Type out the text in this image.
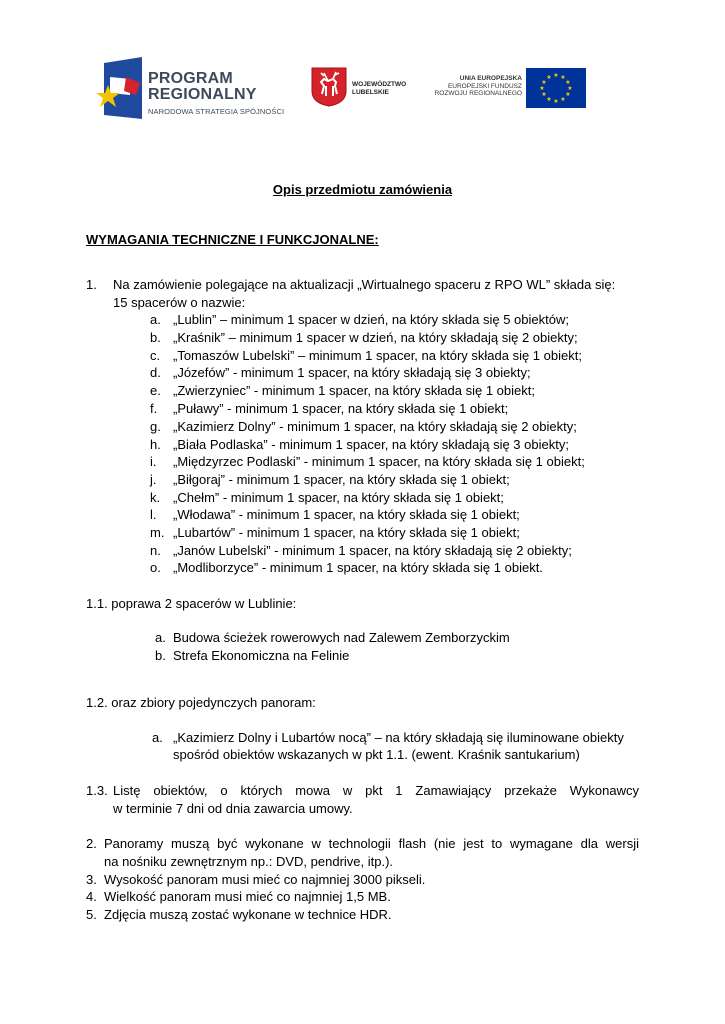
PROGRAM
REGIONALNY
NARODOWA STRATEGIA SPÓJNOŚCI
WOJEWÓDZTWO
LUBELSKIE
UNIA EUROPEJSKA
EUROPEJSKI FUNDUSZ
ROZWOJU REGIONALNEGO
★ ★
★
★
★
★
★
★
★
★
★
★
Opis przedmiotu zamówienia
WYMAGANIA TECHNICZNE I FUNKCJONALNE:
1. Na zamówienie polegające na aktualizacji „Wirtualnego spaceru z RPO WL” składa się:
15 spacerów o nazwie:
a. „Lublin” – minimum 1 spacer w dzień, na który składa się 5 obiektów;
b. „Kraśnik” – minimum 1 spacer w dzień, na który składają się 2 obiekty;
c. „Tomaszów Lubelski” – minimum 1 spacer, na który składa się 1 obiekt;
d. „Józefów” - minimum 1 spacer, na który składają się 3 obiekty;
e. „Zwierzyniec” - minimum 1 spacer, na który składa się 1 obiekt;
f. „Puławy” - minimum 1 spacer, na który składa się 1 obiekt;
g. „Kazimierz Dolny” - minimum 1 spacer, na który składają się 2 obiekty;
h. „Biała Podlaska” - minimum 1 spacer, na który składają się 3 obiekty;
i. „Międzyrzec Podlaski” - minimum 1 spacer, na który składa się 1 obiekt;
j. „Biłgoraj” - minimum 1 spacer, na który składa się 1 obiekt;
k. „Chełm” - minimum 1 spacer, na który składa się 1 obiekt;
l. „Włodawa” - minimum 1 spacer, na który składa się 1 obiekt;
m. „Lubartów” - minimum 1 spacer, na który składa się 1 obiekt;
n. „Janów Lubelski” - minimum 1 spacer, na który składają się 2 obiekty;
o. „Modliborzyce” - minimum 1 spacer, na który składa się 1 obiekt.
1.1. poprawa 2 spacerów w Lublinie:
a. Budowa ścieżek rowerowych nad Zalewem Zemborzyckim
b. Strefa Ekonomiczna na Felinie
1.2. oraz zbiory pojedynczych panoram:
a. „Kazimierz Dolny i Lubartów nocą” – na który składają się iluminowane obiekty
spośród obiektów wskazanych w pkt 1.1. (ewent. Kraśnik santukarium)
1.3. Listę obiektów, o których mowa w pkt 1 Zamawiający przekaże Wykonawcy
w terminie 7 dni od dnia zawarcia umowy.
2. Panoramy muszą być wykonane w technologii flash (nie jest to wymagane dla wersji
na nośniku zewnętrznym np.: DVD, pendrive, itp.).
3. Wysokość panoram musi mieć co najmniej 3000 pikseli.
4. Wielkość panoram musi mieć co najmniej 1,5 MB.
5. Zdjęcia muszą zostać wykonane w technice HDR.
